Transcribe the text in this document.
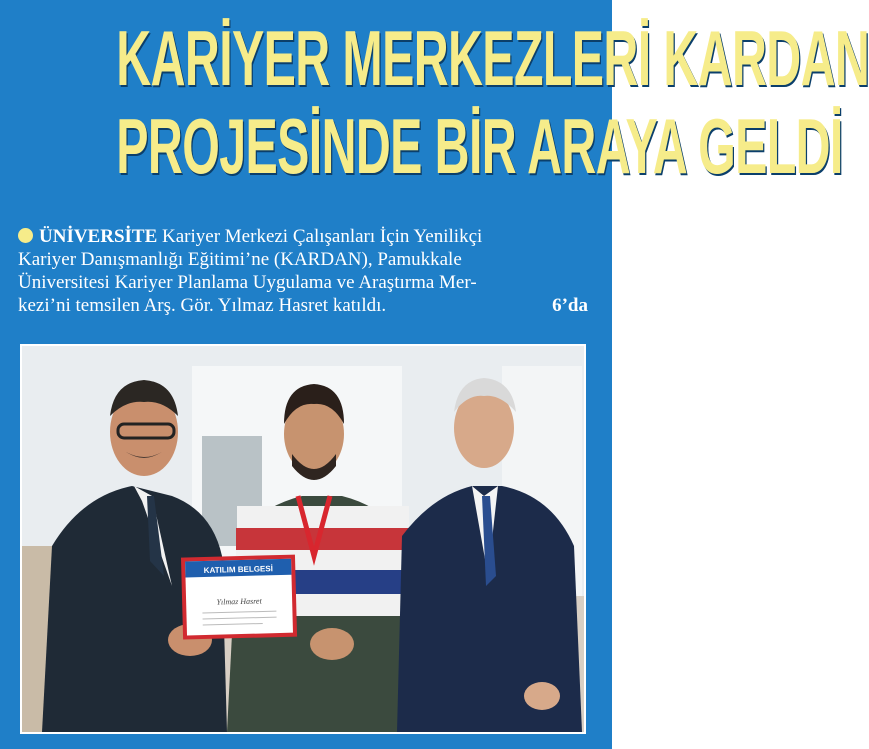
KARİYER MERKEZLERİ KARDAN
PROJESİNDE BİR ARAYA GELDİ
ÜNİVERSİTE Kariyer Merkezi Çalışanları İçin Yenilikçi
Kariyer Danışmanlığı Eğitimi’ne (KARDAN), Pamukkale
Üniversitesi Kariyer Planlama Uygulama ve Araştırma Mer-
kezi’ni temsilen Arş. Gör. Yılmaz Hasret katıldı.	6’da
KATILIM BELGESİ
Yılmaz Hasret
